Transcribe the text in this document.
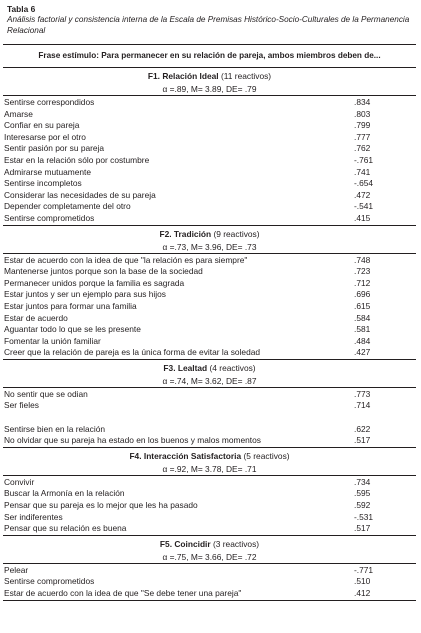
Tabla 6
Análisis factorial y consistencia interna de la Escala de Premisas Histórico-Socio-Culturales de la Permanencia Relacional
Frase estímulo: Para permanecer en su relación de pareja, ambos miembros deben de...
F1. Relación Ideal (11 reactivos)
α =.89, M= 3.89, DE= .79
Sentirse correspondidos	.834
Amarse	.803
Confiar en su pareja	.799
Interesarse por el otro	.777
Sentir pasión por su pareja	.762
Estar en la relación sólo por costumbre	-.761
Admirarse mutuamente	.741
Sentirse incompletos	-.654
Considerar las necesidades de su pareja	.472
Depender completamente del otro	-.541
Sentirse comprometidos	.415
F2. Tradición (9 reactivos)
α =.73, M= 3.96, DE= .73
Estar de acuerdo con la idea de que "la relación es para siempre"	.748
Mantenerse juntos porque son la base de la sociedad	.723
Permanecer unidos porque la familia es sagrada	.712
Estar juntos y ser un ejemplo para sus hijos	.696
Estar juntos para formar una familia	.615
Estar de acuerdo	.584
Aguantar todo lo que se les presente	.581
Fomentar la unión familiar	.484
Creer que la relación de pareja es la única forma de evitar la soledad	.427
F3. Lealtad (4 reactivos)
α =.74, M= 3.62, DE= .87
No sentir que se odian	.773
Ser fieles	.714
Sentirse bien en la relación	.622
No olvidar que su pareja ha estado en los buenos y malos momentos	.517
F4. Interacción Satisfactoria (5 reactivos)
α =.92, M= 3.78, DE= .71
Convivir	.734
Buscar la Armonía en la relación	.595
Pensar que su pareja es lo mejor que les ha pasado	.592
Ser indiferentes	-.531
Pensar que su relación es buena	.517
F5. Coincidir (3 reactivos)
α =.75, M= 3.66, DE= .72
Pelear	-.771
Sentirse comprometidos	.510
Estar de acuerdo con la idea de que "Se debe tener una pareja"	.412
